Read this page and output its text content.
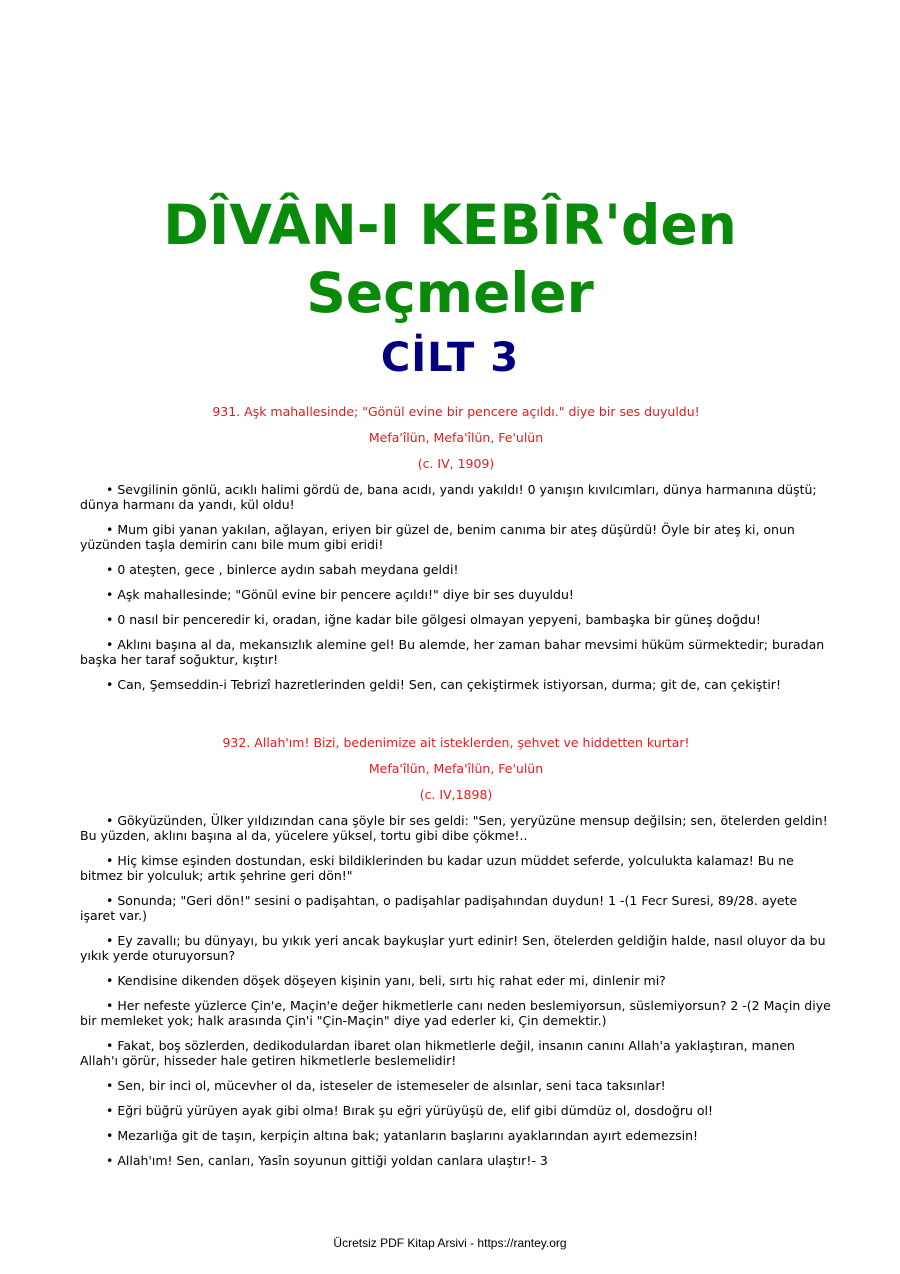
DÎVÂN-I KEBÎR'den
Seçmeler
CİLT 3

931. Aşk mahallesinde; "Gönül evine bir pencere açıldı." diye bir ses duyuldu!

Mefa'îlün, Mefa'îlün, Fe'ulün

(c. IV, 1909)

• Sevgilinin gönlü, acıklı halimi gördü de, bana acıdı, yandı yakıldı! 0 yanışın kıvılcımları, dünya harmanına düştü; dünya harmanı da yandı, kül oldu!

• Mum gibi yanan yakılan, ağlayan, eriyen bir güzel de, benim canıma bir ateş düşürdü! Öyle bir ateş ki, onun yüzünden taşla demirin canı bile mum gibi eridi!

• 0 ateşten, gece , binlerce aydın sabah meydana geldi!

• Aşk mahallesinde; "Gönül evine bir pencere açıldı!" diye bir ses duyuldu!

• 0 nasıl bir penceredir ki, oradan, iğne kadar bile gölgesi olmayan yepyeni, bambaşka bir güneş doğdu!

• Aklını başına al da, mekansızlık alemine gel! Bu alemde, her zaman bahar mevsimi hüküm sürmektedir; buradan başka her taraf soğuktur, kıştır!

• Can, Şemseddin-i Tebrizî hazretlerinden geldi! Sen, can çekiştirmek istiyorsan, durma; git de, can çekiştir!

932. Allah'ım! Bizi, bedenimize ait isteklerden, şehvet ve hiddetten kurtar!

Mefa'îlün, Mefa'îlün, Fe'ulün

(c. IV,1898)

• Gökyüzünden, Ülker yıldızından cana şöyle bir ses geldi: "Sen, yeryüzüne mensup değilsin; sen, ötelerden geldin! Bu yüzden, aklını başına al da, yücelere yüksel, tortu gibi dibe çökme!..

• Hiç kimse eşinden dostundan, eski bildiklerinden bu kadar uzun müddet seferde, yolculukta kalamaz! Bu ne bitmez bir yolculuk; artık şehrine geri dön!"

• Sonunda; "Geri dön!" sesini o padişahtan, o padişahlar padişahından duydun! 1 -(1 Fecr Suresi, 89/28. ayete işaret var.)

• Ey zavallı; bu dünyayı, bu yıkık yeri ancak baykuşlar yurt edinir! Sen, ötelerden geldiğin halde, nasıl oluyor da bu yıkık yerde oturuyorsun?

• Kendisine dikenden döşek döşeyen kişinin yanı, beli, sırtı hiç rahat eder mi, dinlenir mi?

• Her nefeste yüzlerce Çin'e, Maçin'e değer hikmetlerle canı neden beslemiyorsun, süslemiyorsun? 2 -(2 Maçin diye bir memleket yok; halk arasında Çin'i "Çin-Maçin" diye yad ederler ki, Çin demektir.)

• Fakat, boş sözlerden, dedikodulardan ibaret olan hikmetlerle değil, insanın canını Allah'a yaklaştıran, manen Allah'ı görür, hisseder hale getiren hikmetlerle beslemelidir!

• Sen, bir inci ol, mücevher ol da, isteseler de istemeseler de alsınlar, seni taca taksınlar!

• Eğri büğrü yürüyen ayak gibi olma! Bırak şu eğri yürüyüşü de, elif gibi dümdüz ol, dosdoğru ol!

• Mezarlığa git de taşın, kerpiçin altına bak; yatanların başlarını ayaklarından ayırt edemezsin!

• Allah'ım! Sen, canları, Yasîn soyunun gittiği yoldan canlara ulaştır!- 3

Ücretsiz PDF Kitap Arsivi - https://rantey.org
